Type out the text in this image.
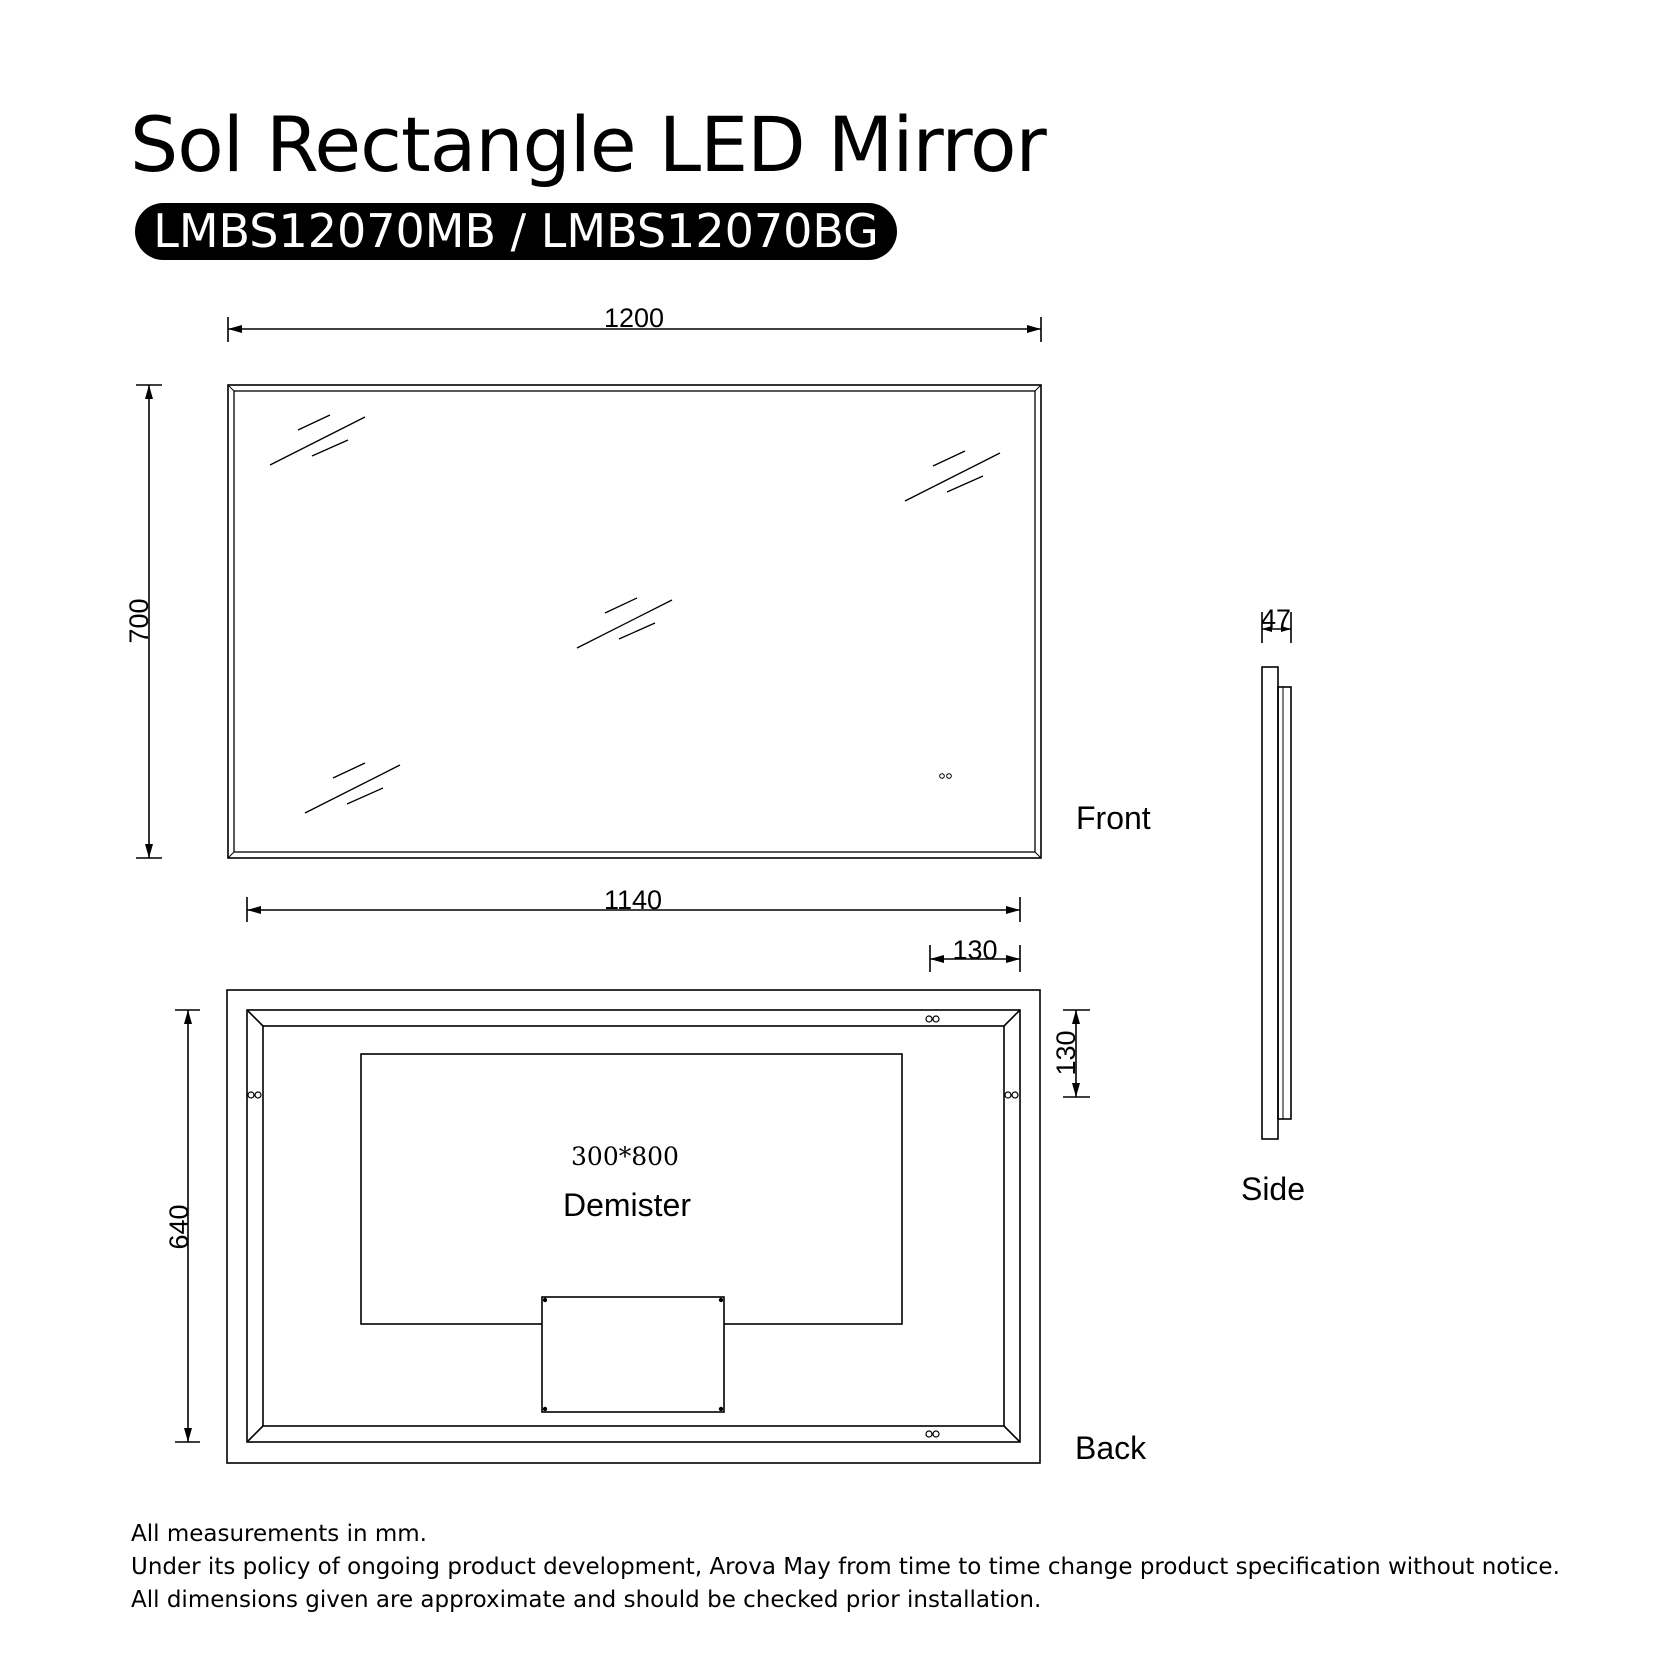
Sol Rectangle LED Mirror
LMBS12070MB / LMBS12070BG
1200
700
Front
1140
130
130
640
300*800
Demister
Back
47
Side
All measurements in mm.
Under its policy of ongoing product development, Arova May from time to time change product specification without notice.
All dimensions given are approximate and should be checked prior installation.
